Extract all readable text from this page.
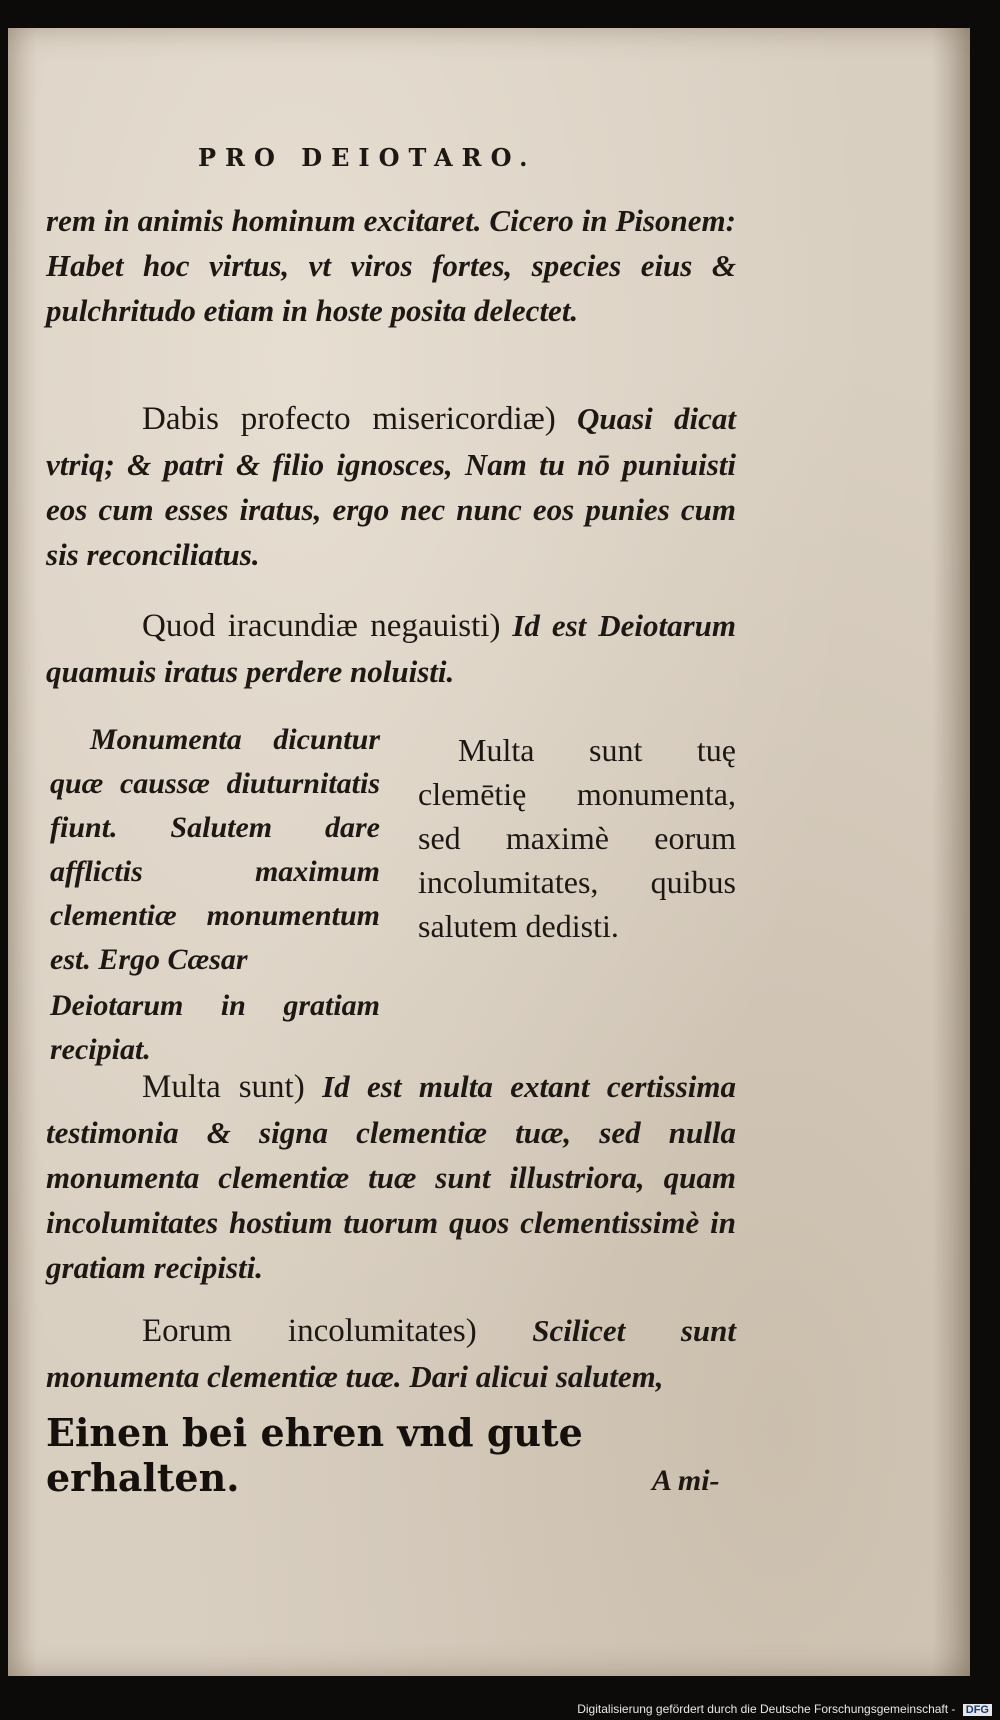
PRO DEIOTARO.

rem in animis hominum excitaret. Cicero in Pisonem: Habet hoc virtus, vt viros fortes, species eius & pulchritudo etiam in hoste posita delectet.

Dabis profecto misericordiæ) Quasi dicat vtriq; & patri & filio ignosces, Nam tu nō puniuisti eos cum esses iratus, ergo nec nunc eos punies cum sis reconciliatus.

Quod iracundiæ negauisti) Id est Deiotarum quamuis iratus perdere noluisti.

Monumenta dicuntur quæ caussæ diuturnitatis fiunt. Salutem dare afflictis maximum clementiæ monumentum est. Ergo Cæsar

Multa sunt tuę clemētię monumenta, sed maximè eorum incolumitates, quibus salutem dedisti.

Deiotarum in gratiam recipiat.

Multa sunt) Id est multa extant certissima testimonia & signa clementiæ tuæ, sed nulla monumenta clementiæ tuæ sunt illustriora, quam incolumitates hostium tuorum quos clementissimè in gratiam recipisti.

Eorum incolumitates) Scilicet sunt monumenta clementiæ tuæ. Dari alicui salutem,

Einen bei ehren vnd gute erhalten.	A mi-

Digitalisierung gefördert durch die Deutsche Forschungsgemeinschaft - DFG
